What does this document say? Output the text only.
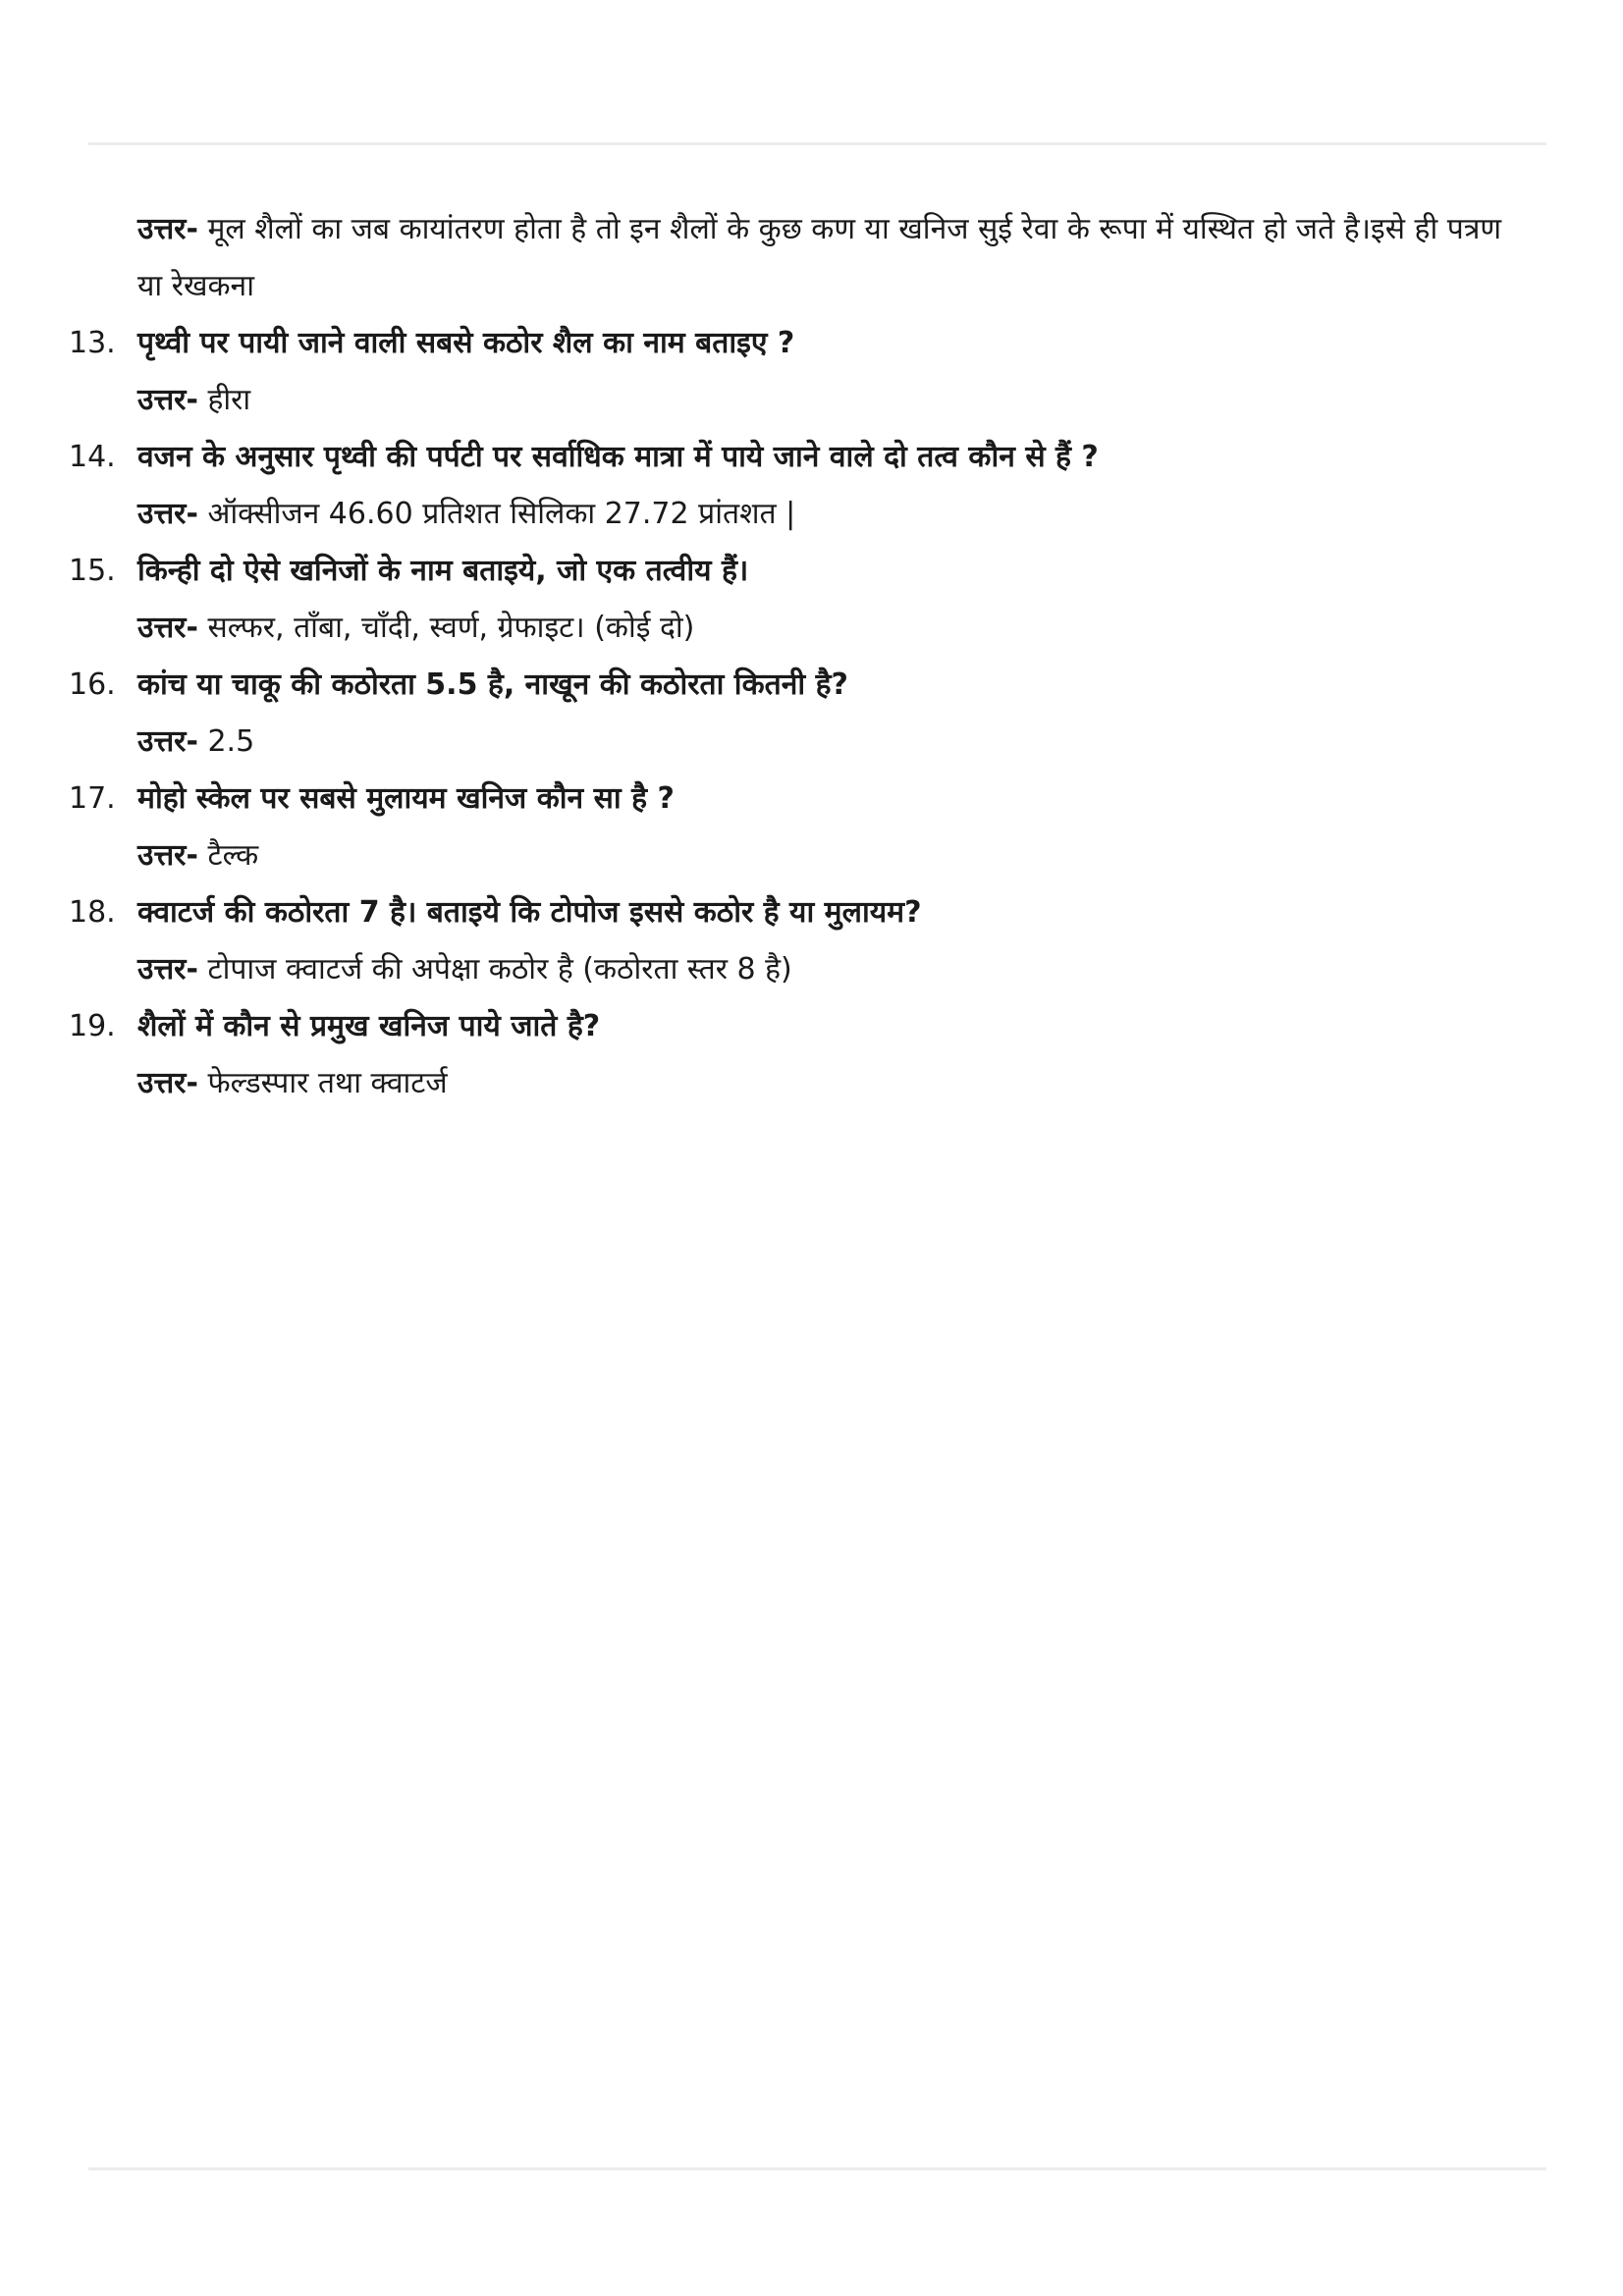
उत्तर- मूल शैलों का जब कायांतरण होता है तो इन शैलों के कुछ कण या खनिज सुई रेवा के रूपा में यस्थित हो जते है।इसे ही पत्रण या रेखकना
13. पृथ्वी पर पायी जाने वाली सबसे कठोर शैल का नाम बताइए ?
उत्तर- हीरा
14. वजन के अनुसार पृथ्वी की पर्पटी पर सर्वाधिक मात्रा में पाये जाने वाले दो तत्व कौन से हैं ?
उत्तर- ऑक्सीजन 46.60 प्रतिशत सिलिका 27.72 प्रांतशत |
15. किन्ही दो ऐसे खनिजों के नाम बताइये, जो एक तत्वीय हैं।
उत्तर- सल्फर, ताँबा, चाँदी, स्वर्ण, ग्रेफाइट। (कोई दो)
16. कांच या चाकू की कठोरता 5.5 है, नाखून की कठोरता कितनी है?
उत्तर- 2.5
17. मोहो स्केल पर सबसे मुलायम खनिज कौन सा है ?
उत्तर- टैल्क
18. क्वाटर्ज की कठोरता 7 है। बताइये कि टोपोज इससे कठोर है या मुलायम?
उत्तर- टोपाज क्वाटर्ज की अपेक्षा कठोर है (कठोरता स्तर 8 है)
19. शैलों में कौन से प्रमुख खनिज पाये जाते है?
उत्तर- फेल्डस्पार तथा क्वाटर्ज
